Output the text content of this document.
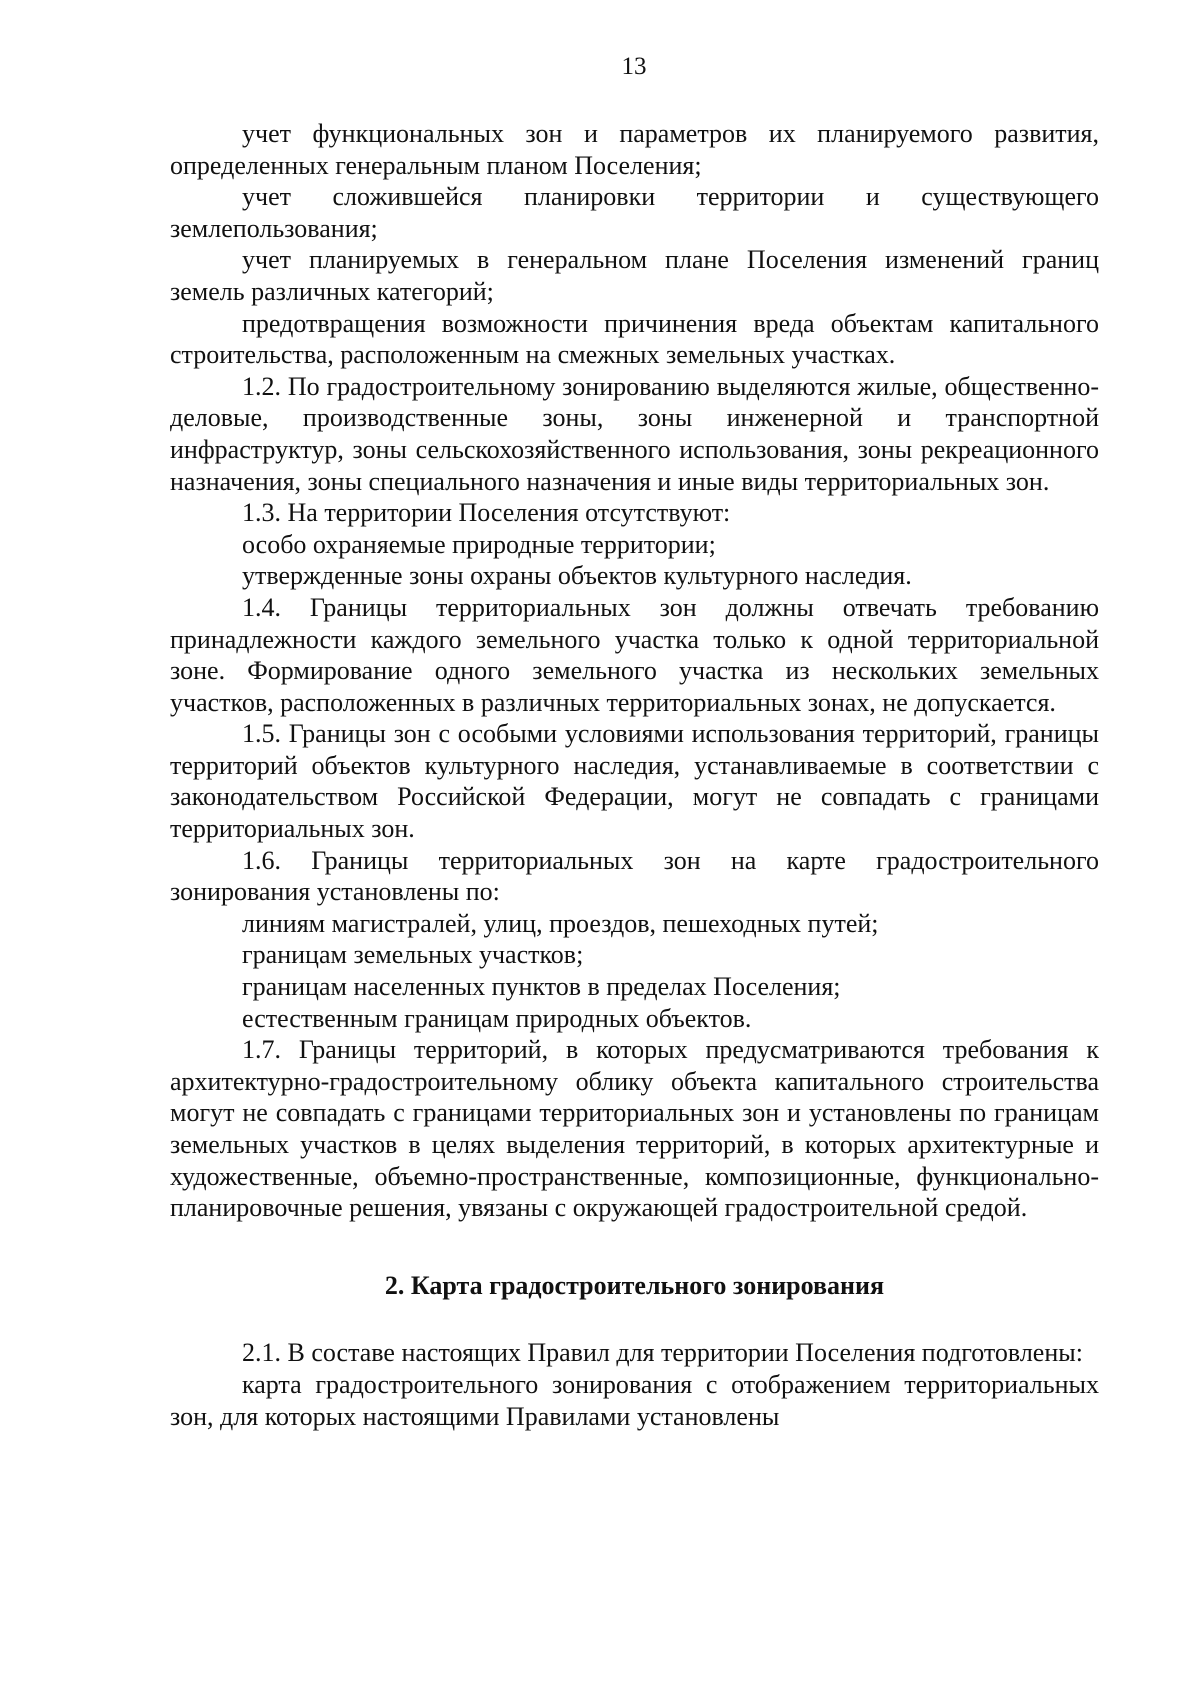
13

учет функциональных зон и параметров их планируемого развития, определенных генеральным планом Поселения;

учет сложившейся планировки территории и существующего землепользования;

учет планируемых в генеральном плане Поселения изменений границ земель различных категорий;

предотвращения возможности причинения вреда объектам капитального строительства, расположенным на смежных земельных участках.

1.2. По градостроительному зонированию выделяются жилые, общественно-деловые, производственные зоны, зоны инженерной и транспортной инфраструктур, зоны сельскохозяйственного использования, зоны рекреационного назначения, зоны специального назначения и иные виды территориальных зон.

1.3. На территории Поселения отсутствуют:

особо охраняемые природные территории;

утвержденные зоны охраны объектов культурного наследия.

1.4. Границы территориальных зон должны отвечать требованию принадлежности каждого земельного участка только к одной территориальной зоне. Формирование одного земельного участка из нескольких земельных участков, расположенных в различных территориальных зонах, не допускается.

1.5. Границы зон с особыми условиями использования территорий, границы территорий объектов культурного наследия, устанавливаемые в соответствии с законодательством Российской Федерации, могут не совпадать с границами территориальных зон.

1.6. Границы территориальных зон на карте градостроительного зонирования установлены по:

линиям магистралей, улиц, проездов, пешеходных путей;

границам земельных участков;

границам населенных пунктов в пределах Поселения;

естественным границам природных объектов.

1.7. Границы территорий, в которых предусматриваются требования к архитектурно-градостроительному облику объекта капитального строительства могут не совпадать с границами территориальных зон и установлены по границам земельных участков в целях выделения территорий, в которых архитектурные и художественные, объемно-пространственные, композиционные, функционально-планировочные решения, увязаны с окружающей градостроительной средой.

2. Карта градостроительного зонирования

2.1. В составе настоящих Правил для территории Поселения подготовлены:

карта градостроительного зонирования с отображением территориальных зон, для которых настоящими Правилами установлены
